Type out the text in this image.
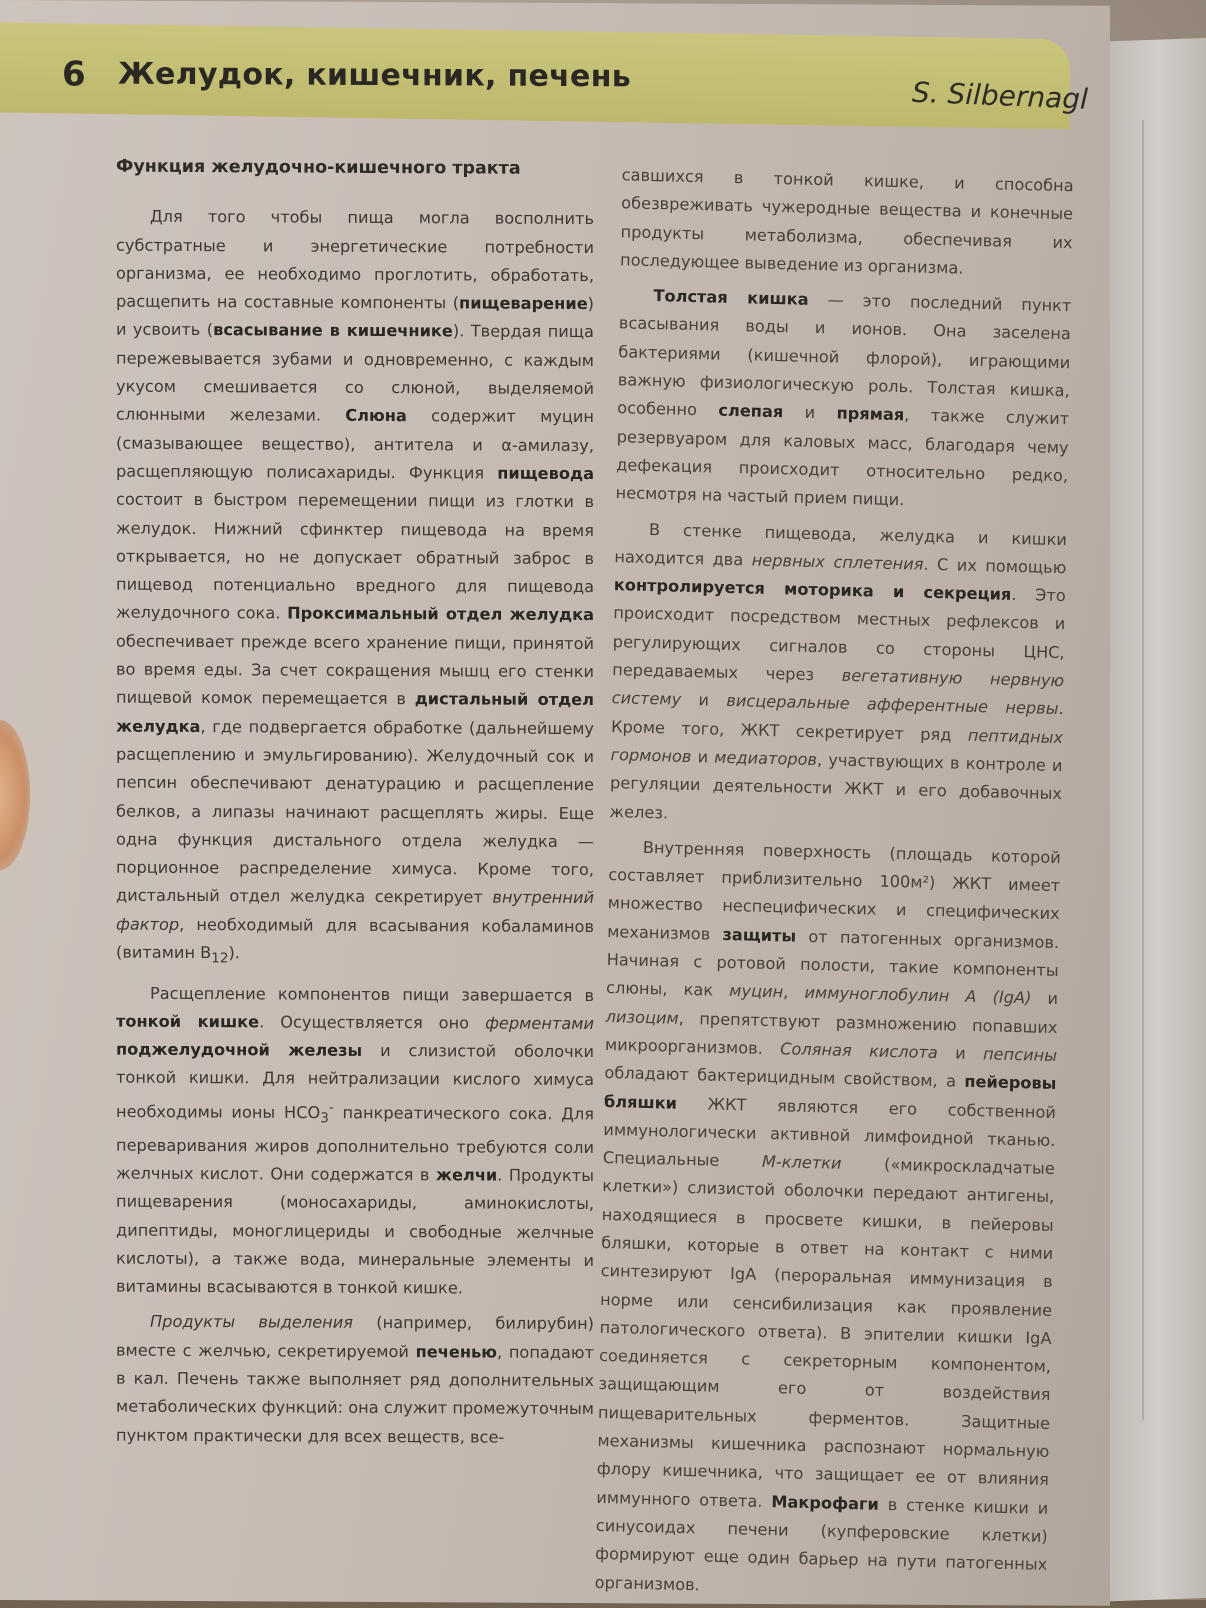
6 Желудок, кишечник, печень
S. Silbernagl
Функция желудочно-кишечного тракта

Для того чтобы пища могла восполнить субстратные и энергетические потребности организма, ее необходимо проглотить, обработать, расщепить на составные компоненты (пищеварение) и усвоить (всасывание в кишечнике). Твердая пища пережевывается зубами и одновременно, с каждым укусом смешивается со слюной, выделяемой слюнными железами. Слюна содержит муцин (смазывающее вещество), антитела и α-амилазу, расщепляющую полисахариды. Функция пищевода состоит в быстром перемещении пищи из глотки в желудок. Нижний сфинктер пищевода на время открывается, но не допускает обратный заброс в пищевод потенциально вредного для пищевода желудочного сока. Проксимальный отдел желудка обеспечивает прежде всего хранение пищи, принятой во время еды. За счет сокращения мышц его стенки пищевой комок перемещается в дистальный отдел желудка, где подвергается обработке (дальнейшему расщеплению и эмульгированию). Желудочный сок и пепсин обеспечивают денатурацию и расщепление белков, а липазы начинают расщеплять жиры. Еще одна функция дистального отдела желудка — порционное распределение химуса. Кроме того, дистальный отдел желудка секретирует внутренний фактор, необходимый для всасывания кобаламинов (витамин $B_{12}$).

Расщепление компонентов пищи завершается в тонкой кишке. Осуществляется оно ферментами поджелудочной железы и слизистой оболочки тонкой кишки. Для нейтрализации кислого химуса необходимы ионы $HCO_3^-$ панкреатического сока. Для переваривания жиров дополнительно требуются соли желчных кислот. Они содержатся в желчи. Продукты пищеварения (моносахариды, аминокислоты, дипептиды, моноглицериды и свободные желчные кислоты), а также вода, минеральные элементы и витамины всасываются в тонкой кишке.

Продукты выделения (например, билирубин) вместе с желчью, секретируемой печенью, попадают в кал. Печень также выполняет ряд дополнительных метаболических функций: она служит промежуточным пунктом практически для всех веществ, все-

савшихся в тонкой кишке, и способна обезвреживать чужеродные вещества и конечные продукты метаболизма, обеспечивая их последующее выведение из организма.

Толстая кишка — это последний пункт всасывания воды и ионов. Она заселена бактериями (кишечной флорой), играющими важную физиологическую роль. Толстая кишка, особенно слепая и прямая, также служит резервуаром для каловых масс, благодаря чему дефекация происходит относительно редко, несмотря на частый прием пищи.

В стенке пищевода, желудка и кишки находится два нервных сплетения. С их помощью контролируется моторика и секреция. Это происходит посредством местных рефлексов и регулирующих сигналов со стороны ЦНС, передаваемых через вегетативную нервную систему и висцеральные афферентные нервы. Кроме того, ЖКТ секретирует ряд пептидных гормонов и медиаторов, участвующих в контроле и регуляции деятельности ЖКТ и его добавочных желез.

Внутренняя поверхность (площадь которой составляет приблизительно 100м²) ЖКТ имеет множество неспецифических и специфических механизмов защиты от патогенных организмов. Начиная с ротовой полости, такие компоненты слюны, как муцин, иммуноглобулин А (IgA) и лизоцим, препятствуют размножению попавших микроорганизмов. Соляная кислота и пепсины обладают бактерицидным свойством, а пейеровы бляшки ЖКТ являются его собственной иммунологически активной лимфоидной тканью. Специальные М-клетки («микроскладчатые клетки») слизистой оболочки передают антигены, находящиеся в просвете кишки, в пейеровы бляшки, которые в ответ на контакт с ними синтезируют IgA (пероральная иммунизация в норме или сенсибилизация как проявление патологического ответа). В эпителии кишки IgA соединяется с секреторным компонентом, защищающим его от воздействия пищеварительных ферментов. Защитные механизмы кишечника распознают нормальную флору кишечника, что защищает ее от влияния иммунного ответа. Макрофаги в стенке кишки и синусоидах печени (купферовские клетки) формируют еще один барьер на пути патогенных организмов.
